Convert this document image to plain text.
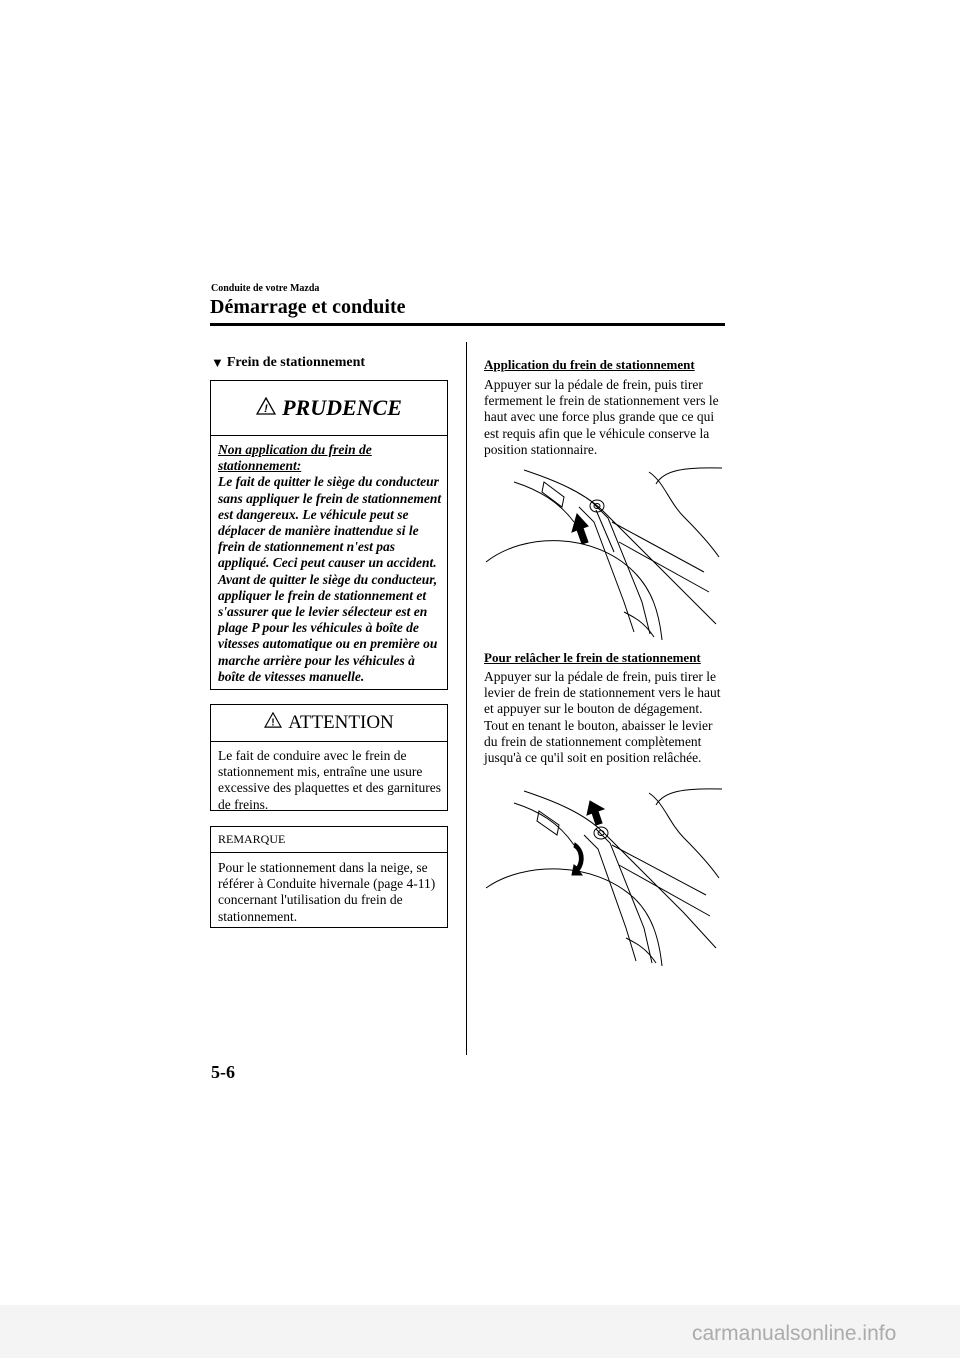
Conduite de votre Mazda
Démarrage et conduite
▼ Frein de stationnement
! PRUDENCE
Non application du frein de stationnement:
Le fait de quitter le siège du conducteur sans appliquer le frein de stationnement est dangereux. Le véhicule peut se déplacer de manière inattendue si le frein de stationnement n'est pas appliqué. Ceci peut causer un accident. Avant de quitter le siège du conducteur, appliquer le frein de stationnement et s'assurer que le levier sélecteur est en plage P pour les véhicules à boîte de vitesses automatique ou en première ou marche arrière pour les véhicules à boîte de vitesses manuelle.
! ATTENTION
Le fait de conduire avec le frein de stationnement mis, entraîne une usure excessive des plaquettes et des garnitures de freins.
REMARQUE
Pour le stationnement dans la neige, se référer à Conduite hivernale (page 4-11) concernant l'utilisation du frein de stationnement.
Application du frein de stationnement
Appuyer sur la pédale de frein, puis tirer fermement le frein de stationnement vers le haut avec une force plus grande que ce qui est requis afin que le véhicule conserve la position stationnaire.
Pour relâcher le frein de stationnement
Appuyer sur la pédale de frein, puis tirer le levier de frein de stationnement vers le haut et appuyer sur le bouton de dégagement. Tout en tenant le bouton, abaisser le levier du frein de stationnement complètement jusqu'à ce qu'il soit en position relâchée.
5-6
carmanualsonline.info
